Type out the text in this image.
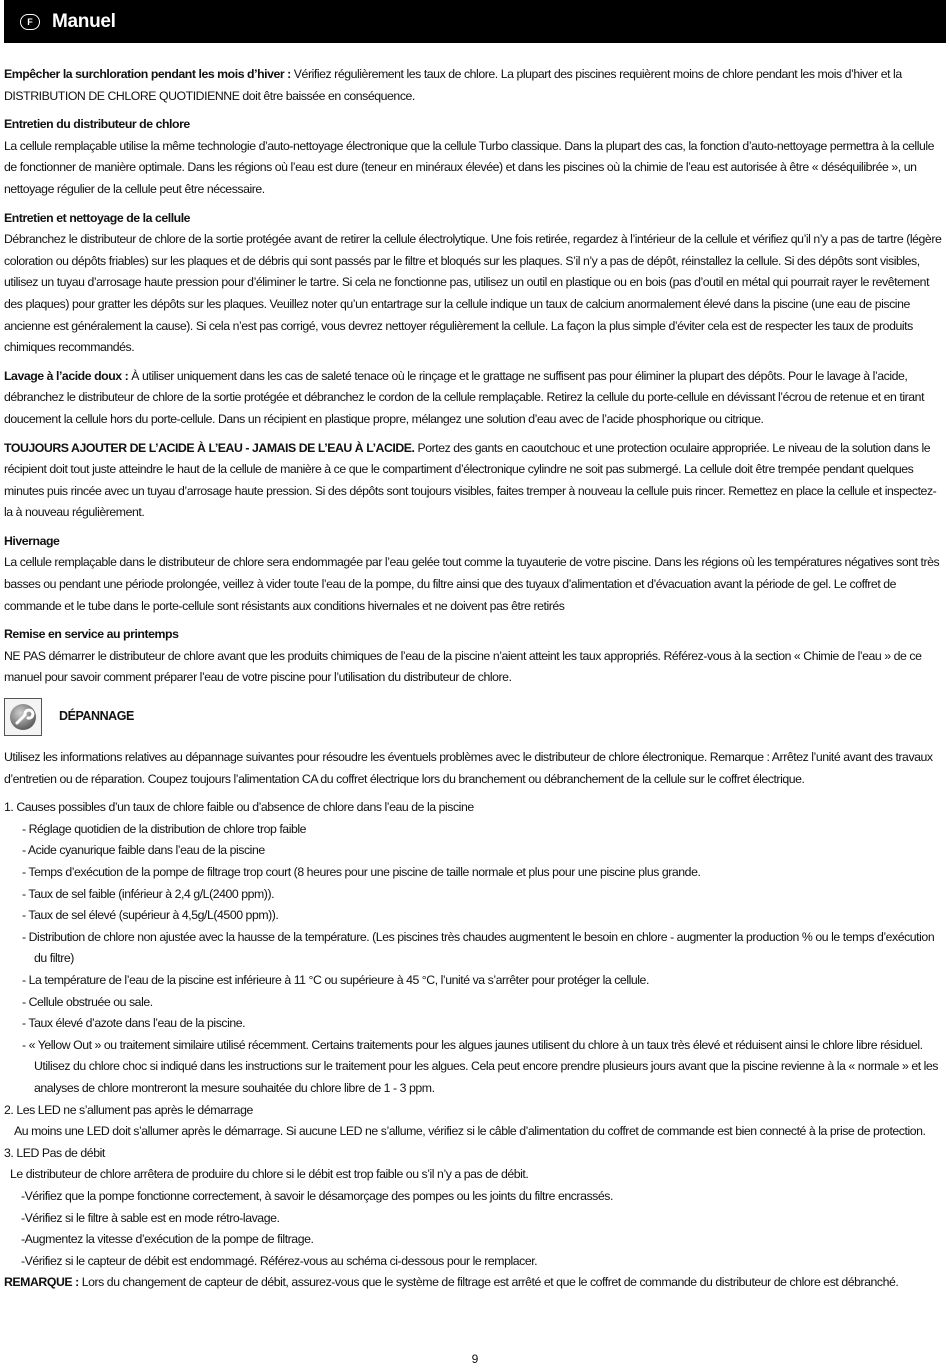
F	Manuel

Empêcher la surchloration pendant les mois d’hiver : Vérifiez régulièrement les taux de chlore. La plupart des piscines requièrent moins de chlore pendant les mois d’hiver et la DISTRIBUTION DE CHLORE QUOTIDIENNE doit être baissée en conséquence.

Entretien du distributeur de chlore

La cellule remplaçable utilise la même technologie d’auto-nettoyage électronique que la cellule Turbo classique. Dans la plupart des cas, la fonction d’auto-nettoyage permettra à la cellule de fonctionner de manière optimale. Dans les régions où l’eau est dure (teneur en minéraux élevée) et dans les piscines où la chimie de l’eau est autorisée à être « déséquilibrée », un nettoyage régulier de la cellule peut être nécessaire.

Entretien et nettoyage de la cellule

Débranchez le distributeur de chlore de la sortie protégée avant de retirer la cellule électrolytique. Une fois retirée, regardez à l’intérieur de la cellule et vérifiez qu’il n’y a pas de tartre (légère coloration ou dépôts friables) sur les plaques et de débris qui sont passés par le filtre et bloqués sur les plaques. S’il n’y a pas de dépôt, réinstallez la cellule. Si des dépôts sont visibles, utilisez un tuyau d’arrosage haute pression pour d’éliminer le tartre. Si cela ne fonctionne pas, utilisez un outil en plastique ou en bois (pas d’outil en métal qui pourrait rayer le revêtement des plaques) pour gratter les dépôts sur les plaques. Veuillez noter qu’un entartrage sur la cellule indique un taux de calcium anormalement élevé dans la piscine (une eau de piscine ancienne est généralement la cause). Si cela n’est pas corrigé, vous devrez nettoyer régulièrement la cellule. La façon la plus simple d’éviter cela est de respecter les taux de produits chimiques recommandés.

Lavage à l’acide doux : À utiliser uniquement dans les cas de saleté tenace où le rinçage et le grattage ne suffisent pas pour éliminer la plupart des dépôts. Pour le lavage à l’acide, débranchez le distributeur de chlore de la sortie protégée et débranchez le cordon de la cellule remplaçable. Retirez la cellule du porte-cellule en dévissant l’écrou de retenue et en tirant doucement la cellule hors du porte-cellule. Dans un récipient en plastique propre, mélangez une solution d’eau avec de l’acide phosphorique ou citrique.

TOUJOURS AJOUTER DE L’ACIDE À L’EAU - JAMAIS DE L’EAU À L’ACIDE. Portez des gants en caoutchouc et une protection oculaire appropriée. Le niveau de la solution dans le récipient doit tout juste atteindre le haut de la cellule de manière à ce que le compartiment d’électronique cylindre ne soit pas submergé. La cellule doit être trempée pendant quelques minutes puis rincée avec un tuyau d’arrosage haute pression. Si des dépôts sont toujours visibles, faites tremper à nouveau la cellule puis rincer. Remettez en place la cellule et inspectez-la à nouveau régulièrement.

Hivernage

La cellule remplaçable dans le distributeur de chlore sera endommagée par l’eau gelée tout comme la tuyauterie de votre piscine. Dans les régions où les températures négatives sont très basses ou pendant une période prolongée, veillez à vider toute l’eau de la pompe, du filtre ainsi que des tuyaux d’alimentation et d’évacuation avant la période de gel. Le coffret de commande et le tube dans le porte-cellule sont résistants aux conditions hivernales et ne doivent pas être retirés

Remise en service au printemps

NE PAS démarrer le distributeur de chlore avant que les produits chimiques de l’eau de la piscine n’aient atteint les taux appropriés. Référez-vous à la section « Chimie de l’eau » de ce manuel pour savoir comment préparer l’eau de votre piscine pour l’utilisation du distributeur de chlore.

DÉPANNAGE

Utilisez les informations relatives au dépannage suivantes pour résoudre les éventuels problèmes avec le distributeur de chlore électronique. Remarque : Arrêtez l’unité avant des travaux d’entretien ou de réparation. Coupez toujours l’alimentation CA du coffret électrique lors du branchement ou débranchement de la cellule sur le coffret électrique.

1. Causes possibles d’un taux de chlore faible ou d’absence de chlore dans l’eau de la piscine

- Réglage quotidien de la distribution de chlore trop faible

- Acide cyanurique faible dans l’eau de la piscine

- Temps d’exécution de la pompe de filtrage trop court (8 heures pour une piscine de taille normale et plus pour une piscine plus grande.

- Taux de sel faible (inférieur à 2,4 g/L(2400 ppm)).

- Taux de sel élevé (supérieur à 4,5g/L(4500 ppm)).

- Distribution de chlore non ajustée avec la hausse de la température. (Les piscines très chaudes augmentent le besoin en chlore - augmenter la production % ou le temps d’exécution du filtre)

- La température de l’eau de la piscine est inférieure à 11 °C ou supérieure à 45 °C, l’unité va s’arrêter pour protéger la cellule.

- Cellule obstruée ou sale.

- Taux élevé d’azote dans l’eau de la piscine.

- « Yellow Out » ou traitement similaire utilisé récemment. Certains traitements pour les algues jaunes utilisent du chlore à un taux très élevé et réduisent ainsi le chlore libre résiduel. Utilisez du chlore choc si indiqué dans les instructions sur le traitement pour les algues. Cela peut encore prendre plusieurs jours avant que la piscine revienne à la « normale » et les analyses de chlore montreront la mesure souhaitée du chlore libre de 1 - 3 ppm.

2. Les LED ne s’allument pas après le démarrage

Au moins une LED doit s’allumer après le démarrage. Si aucune LED ne s’allume, vérifiez si le câble d’alimentation du coffret de commande est bien connecté à la prise de protection.

3. LED Pas de débit

Le distributeur de chlore arrêtera de produire du chlore si le débit est trop faible ou s’il n’y a pas de débit.

-Vérifiez que la pompe fonctionne correctement, à savoir le désamorçage des pompes ou les joints du filtre encrassés.

-Vérifiez si le filtre à sable est en mode rétro-lavage.

-Augmentez la vitesse d’exécution de la pompe de filtrage.

-Vérifiez si le capteur de débit est endommagé. Référez-vous au schéma ci-dessous pour le remplacer.

REMARQUE : Lors du changement de capteur de débit, assurez-vous que le système de filtrage est arrêté et que le coffret de commande du distributeur de chlore est débranché.

9
